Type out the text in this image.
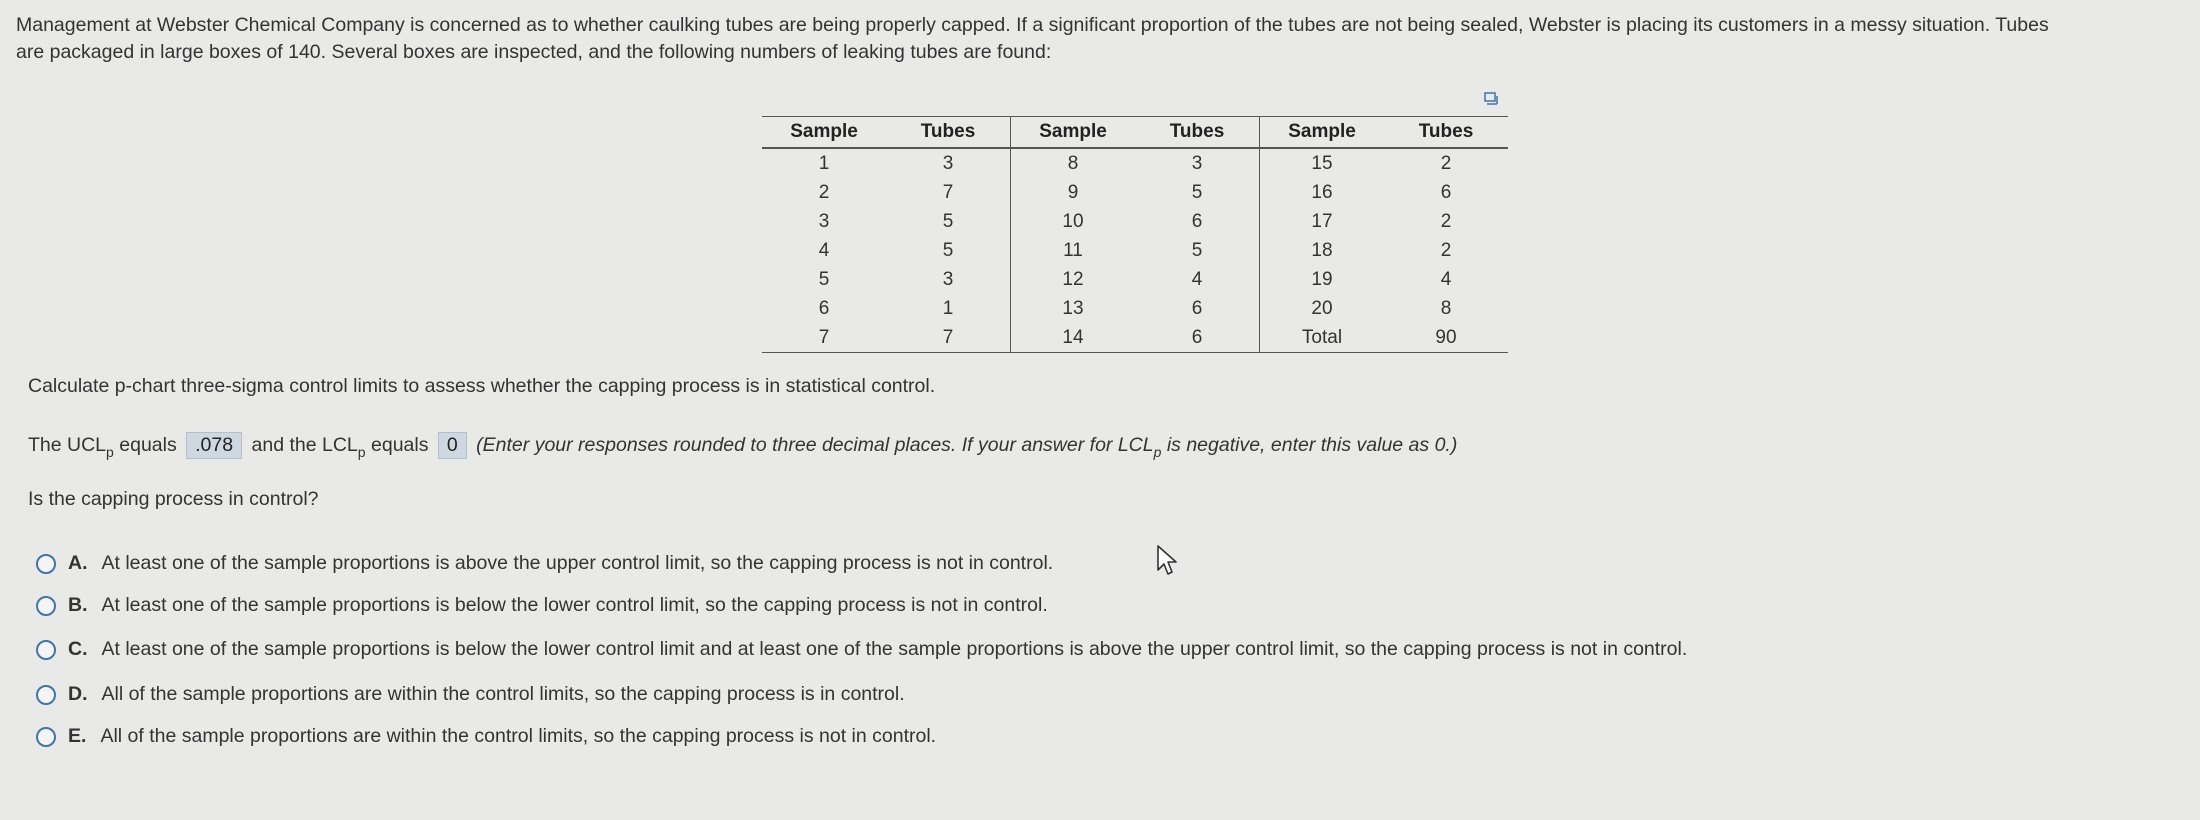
Management at Webster Chemical Company is concerned as to whether caulking tubes are being properly capped. If a significant proportion of the tubes are not being sealed, Webster is placing its customers in a messy situation. Tubes

are packaged in large boxes of 140. Several boxes are inspected, and the following numbers of leaking tubes are found:

Sample	Tubes	Sample	Tubes	Sample	Tubes
1	3	8	3	15	2
2	7	9	5	16	6
3	5	10	6	17	2
4	5	11	5	18	2
5	3	12	4	19	4
6	1	13	6	20	8
7	7	14	6	Total	90
Calculate p-chart three-sigma control limits to assess whether the capping process is in statistical control.
The $UCL_p$ equals .078 and the $LCL_p$ equals 0 (Enter your responses rounded to three decimal places. If your answer for $LCL_p$ is negative, enter this value as 0.)
Is the capping process in control?
A. At least one of the sample proportions is above the upper control limit, so the capping process is not in control.
B. At least one of the sample proportions is below the lower control limit, so the capping process is not in control.
C. At least one of the sample proportions is below the lower control limit and at least one of the sample proportions is above the upper control limit, so the capping process is not in control.
D. All of the sample proportions are within the control limits, so the capping process is in control.
E. All of the sample proportions are within the control limits, so the capping process is not in control.
